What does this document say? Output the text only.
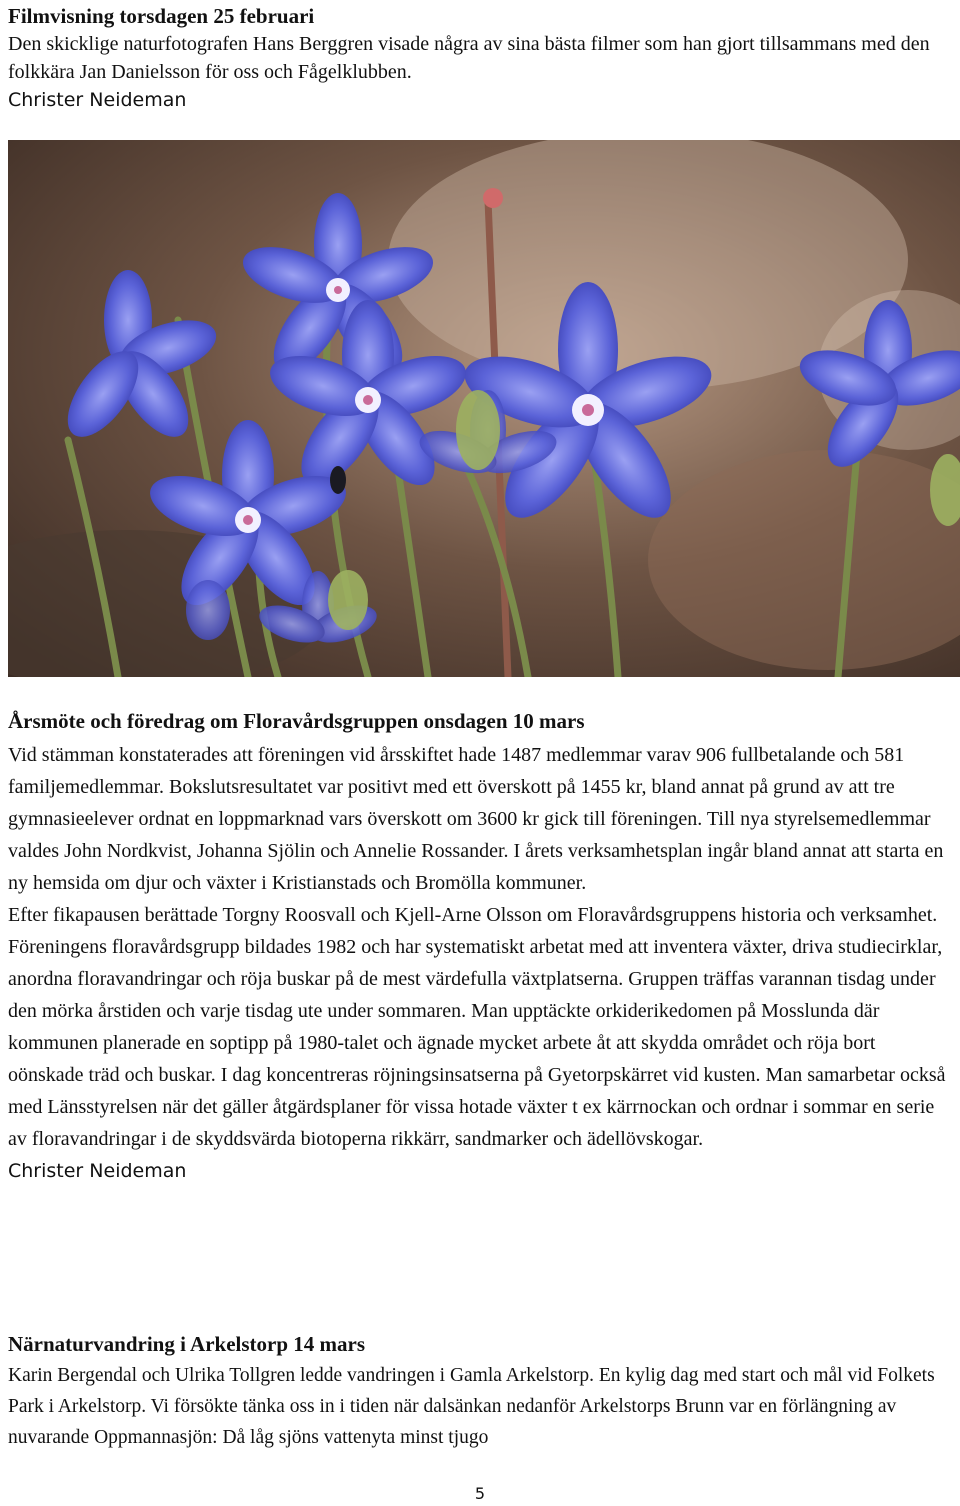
Filmvisning torsdagen 25 februari

Den skicklige naturfotografen Hans Berggren visade några av sina bästa filmer som han gjort tillsammans med den folkkära Jan Danielsson för oss och Fågelklubben.

Christer Neideman

Årsmöte och föredrag om Floravårdsgruppen onsdagen 10 mars

Vid stämman konstaterades att föreningen vid årsskiftet hade 1487 medlemmar varav 906 fullbetalande och 581 familjemedlemmar. Bokslutsresultatet var positivt med ett överskott på 1455 kr, bland annat på grund av att tre gymnasieelever ordnat en loppmarknad vars överskott om 3600 kr gick till föreningen. Till nya styrelsemedlemmar valdes John Nordkvist, Johanna Sjölin och Annelie Rossander. I årets verksamhetsplan ingår bland annat att starta en ny hemsida om djur och växter i Kristianstads och Bromölla kommuner.

Efter fikapausen berättade Torgny Roosvall och Kjell-Arne Olsson om Floravårdsgruppens historia och verksamhet. Föreningens floravårdsgrupp bildades 1982 och har systematiskt arbetat med att inventera växter, driva studiecirklar, anordna floravandringar och röja buskar på de mest värdefulla växtplatserna. Gruppen träffas varannan tisdag under den mörka årstiden och varje tisdag ute under sommaren. Man upptäckte orkiderikedomen på Mosslunda där kommunen planerade en soptipp på 1980-talet och ägnade mycket arbete åt att skydda området och röja bort oönskade träd och buskar. I dag koncentreras röjningsinsatserna på Gyetorpskärret vid kusten. Man samarbetar också med Länsstyrelsen när det gäller åtgärdsplaner för vissa hotade växter t ex kärrnockan och ordnar i sommar en serie av floravandringar i de skyddsvärda biotoperna rikkärr, sandmarker och ädellövskogar.

Christer Neideman

Närnaturvandring i Arkelstorp 14 mars

Karin Bergendal och Ulrika Tollgren ledde vandringen i Gamla Arkelstorp. En kylig dag med start och mål vid Folkets Park i Arkelstorp. Vi försökte tänka oss in i tiden när dalsänkan nedanför Arkelstorps Brunn var en förlängning av nuvarande Oppmannasjön: Då låg sjöns vattenyta minst tjugo

5
